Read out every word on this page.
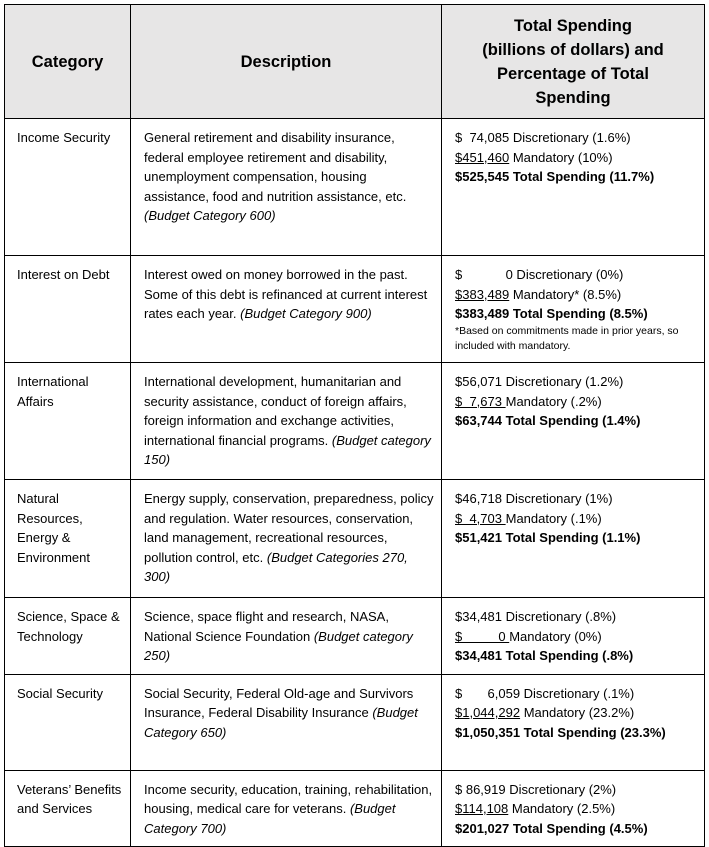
Category	Description	Total Spending
(billions of dollars) and
Percentage of Total
Spending
Income Security	General retirement and disability insurance, federal employee retirement and disability, unemployment compensation, housing assistance, food and nutrition assistance, etc. (Budget Category 600)	$  74,085 Discretionary (1.6%)
$451,460 Mandatory (10%)
$525,545 Total Spending (11.7%)
Interest on Debt	Interest owed on money borrowed in the past. Some of this debt is refinanced at current interest rates each year. (Budget Category 900)	$            0 Discretionary (0%)
$383,489 Mandatory* (8.5%)
$383,489 Total Spending (8.5%)
*Based on commitments made in prior years, so included with mandatory.

International Affairs	International development, humanitarian and security assistance, conduct of foreign affairs, foreign information and exchange activities, international financial programs. (Budget category 150)	$56,071 Discretionary (1.2%)
$  7,673 Mandatory (.2%)
$63,744 Total Spending (1.4%)
Natural Resources, Energy & Environment	Energy supply, conservation, preparedness, policy and regulation. Water resources, conservation, land management, recreational resources, pollution control, etc. (Budget Categories 270, 300)	$46,718 Discretionary (1%)
$  4,703 Mandatory (.1%)
$51,421 Total Spending (1.1%)
Science, Space & Technology	Science, space flight and research, NASA, National Science Foundation (Budget category 250)	$34,481 Discretionary (.8%)
$          0 Mandatory (0%)
$34,481 Total Spending (.8%)
Social Security	Social Security, Federal Old-age and Survivors Insurance, Federal Disability Insurance (Budget Category 650)	$       6,059 Discretionary (.1%)
$1,044,292 Mandatory (23.2%)
$1,050,351 Total Spending (23.3%)
Veterans’ Benefits and Services	Income security, education, training, rehabilitation, housing, medical care for veterans. (Budget Category 700)	$ 86,919 Discretionary (2%)
$114,108 Mandatory (2.5%)
$201,027 Total Spending (4.5%)
